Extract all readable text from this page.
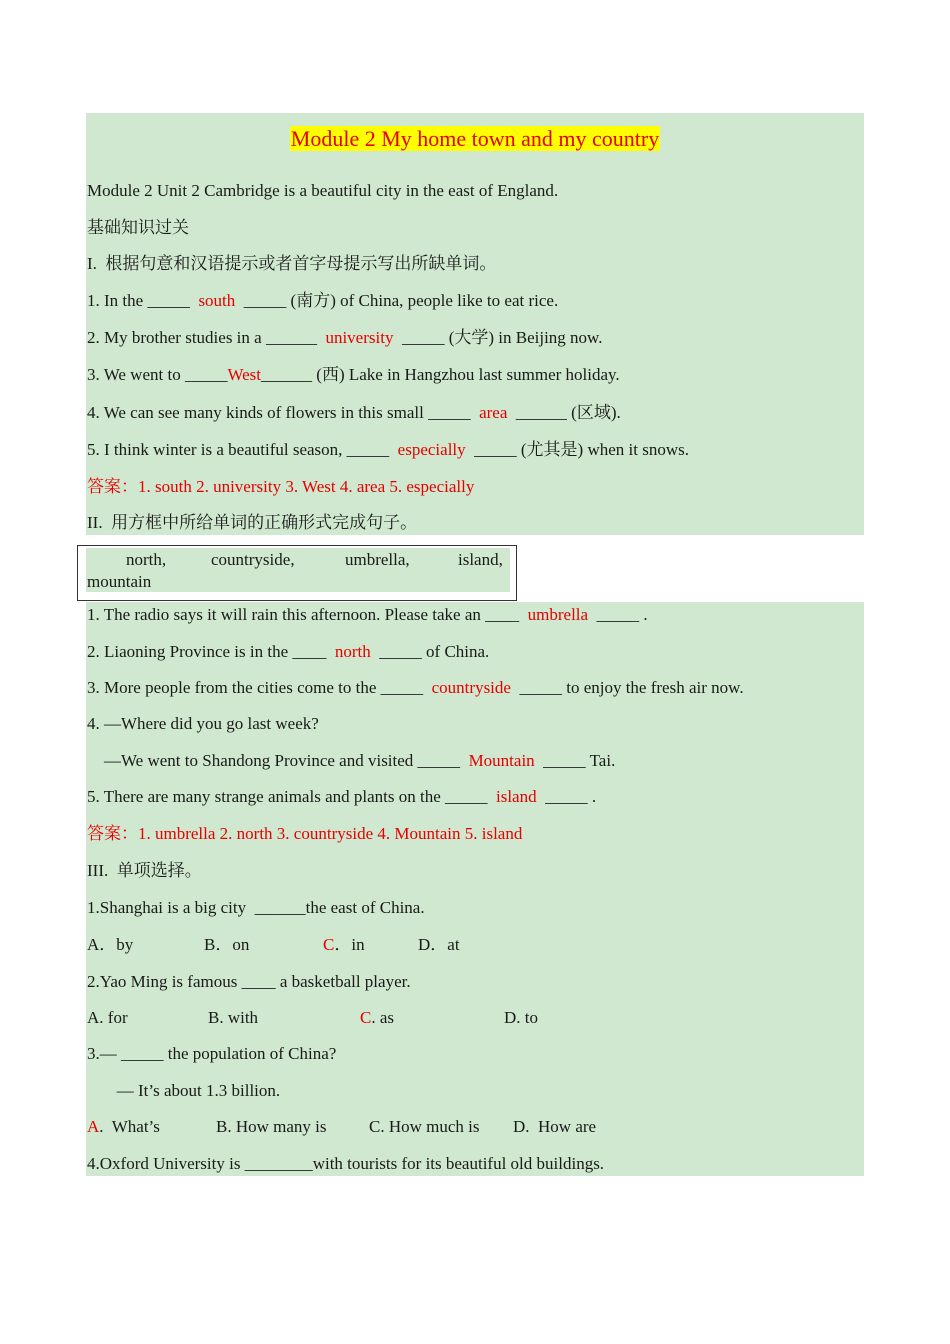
Module 2 My home town and my country
Module 2 Unit 2 Cambridge is a beautiful city in the east of England.
基础知识过关
I.  根据句意和汉语提示或者首字母提示写出所缺单词。
1. In the _____  south  _____ (南方) of China, people like to eat rice.
2. My brother studies in a ______  university  _____ (大学) in Beijing now.
3. We went to _____West______ (西) Lake in Hangzhou last summer holiday.
4. We can see many kinds of flowers in this small _____  area  ______ (区域).
5. I think winter is a beautiful season, _____  especially  _____ (尤其是) when it snows.
答案：1. south 2. university 3. West 4. area 5. especially
II.  用方框中所给单词的正确形式完成句子。
north,	countryside,	umbrella,	island,
mountain
1. The radio says it will rain this afternoon. Please take an ____  umbrella  _____ .
2. Liaoning Province is in the ____  north  _____ of China.
3. More people from the cities come to the _____  countryside  _____ to enjoy the fresh air now.
4. —Where did you go last week?
—We went to Shandong Province and visited _____  Mountain  _____ Tai.
5. There are many strange animals and plants on the _____  island  _____ .
答案：1. umbrella 2. north 3. countryside 4. Mountain 5. island
III.  单项选择。
1.Shanghai is a big city  ______the east of China.
A．by	B．on	C．in	D．at
2.Yao Ming is famous ____ a basketball player.
A. for	B. with	C. as	D. to
3.— _____ the population of China?
— It’s about 1.3 billion.
A.  What’s	B. How many is	C. How much is D.  How are
4.Oxford University is ________with tourists for its beautiful old buildings.
